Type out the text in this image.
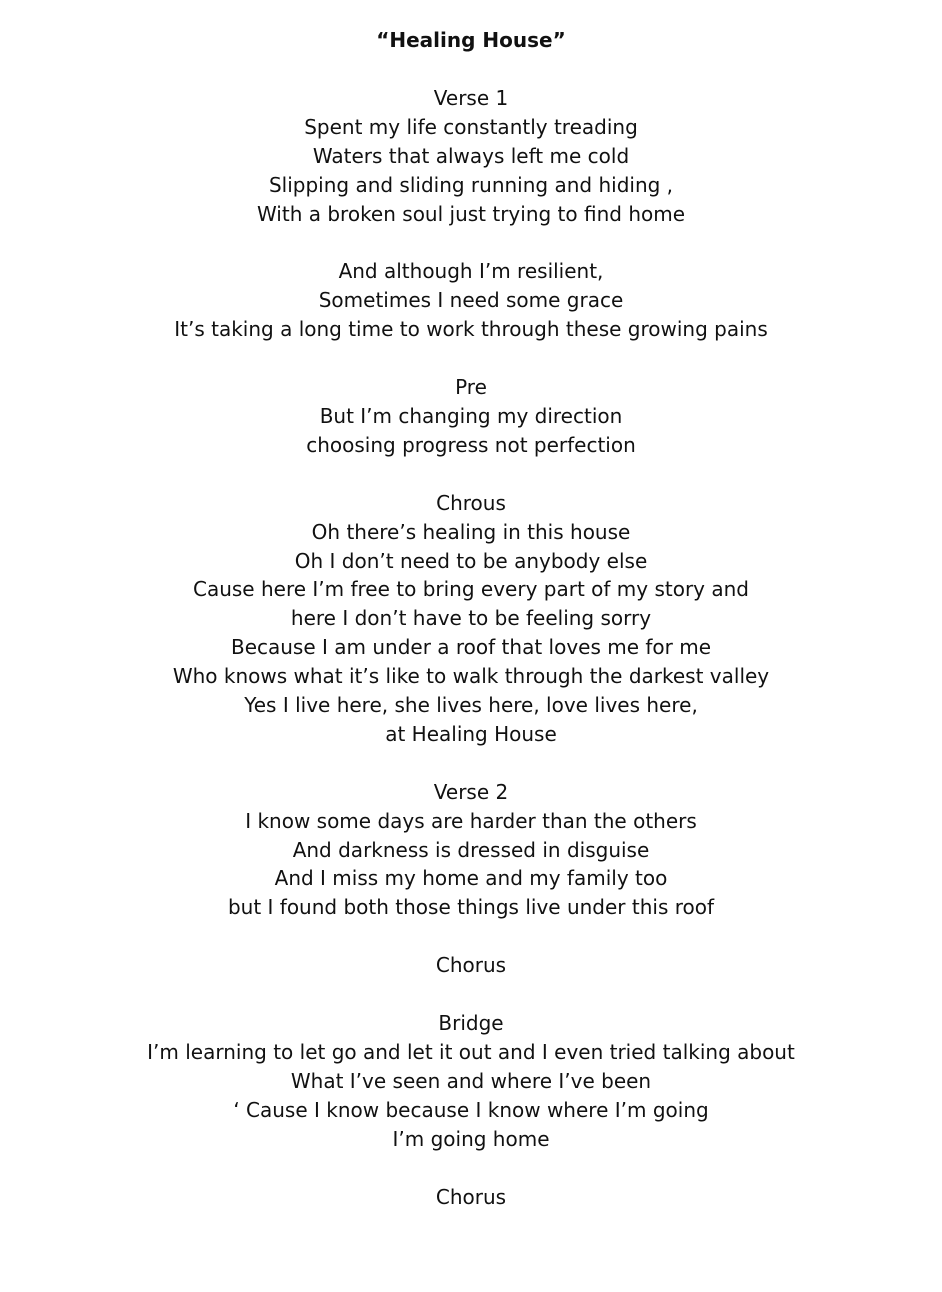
“Healing House”
Verse 1
Spent my life constantly treading
Waters that always left me cold
Slipping and sliding running and hiding ,
With a broken soul just trying to find home
And although I’m resilient,
Sometimes I need some grace
It’s taking a long time to work through these growing pains
Pre
But I’m changing my direction
choosing progress not perfection
Chrous
Oh there’s healing in this house
Oh I don’t need to be anybody else
Cause here I’m free to bring every part of my story and
here I don’t have to be feeling sorry
Because I am under a roof that loves me for me
Who knows what it’s like to walk through the darkest valley
Yes I live here, she lives here, love lives here,
at Healing House
Verse 2
I know some days are harder than the others
And darkness is dressed in disguise
And I miss my home and my family too
but I found both those things live under this roof
Chorus
Bridge
I’m learning to let go and let it out and I even tried talking about
What I’ve seen and where I’ve been
‘ Cause I know because I know where I’m going
I’m going home
Chorus
